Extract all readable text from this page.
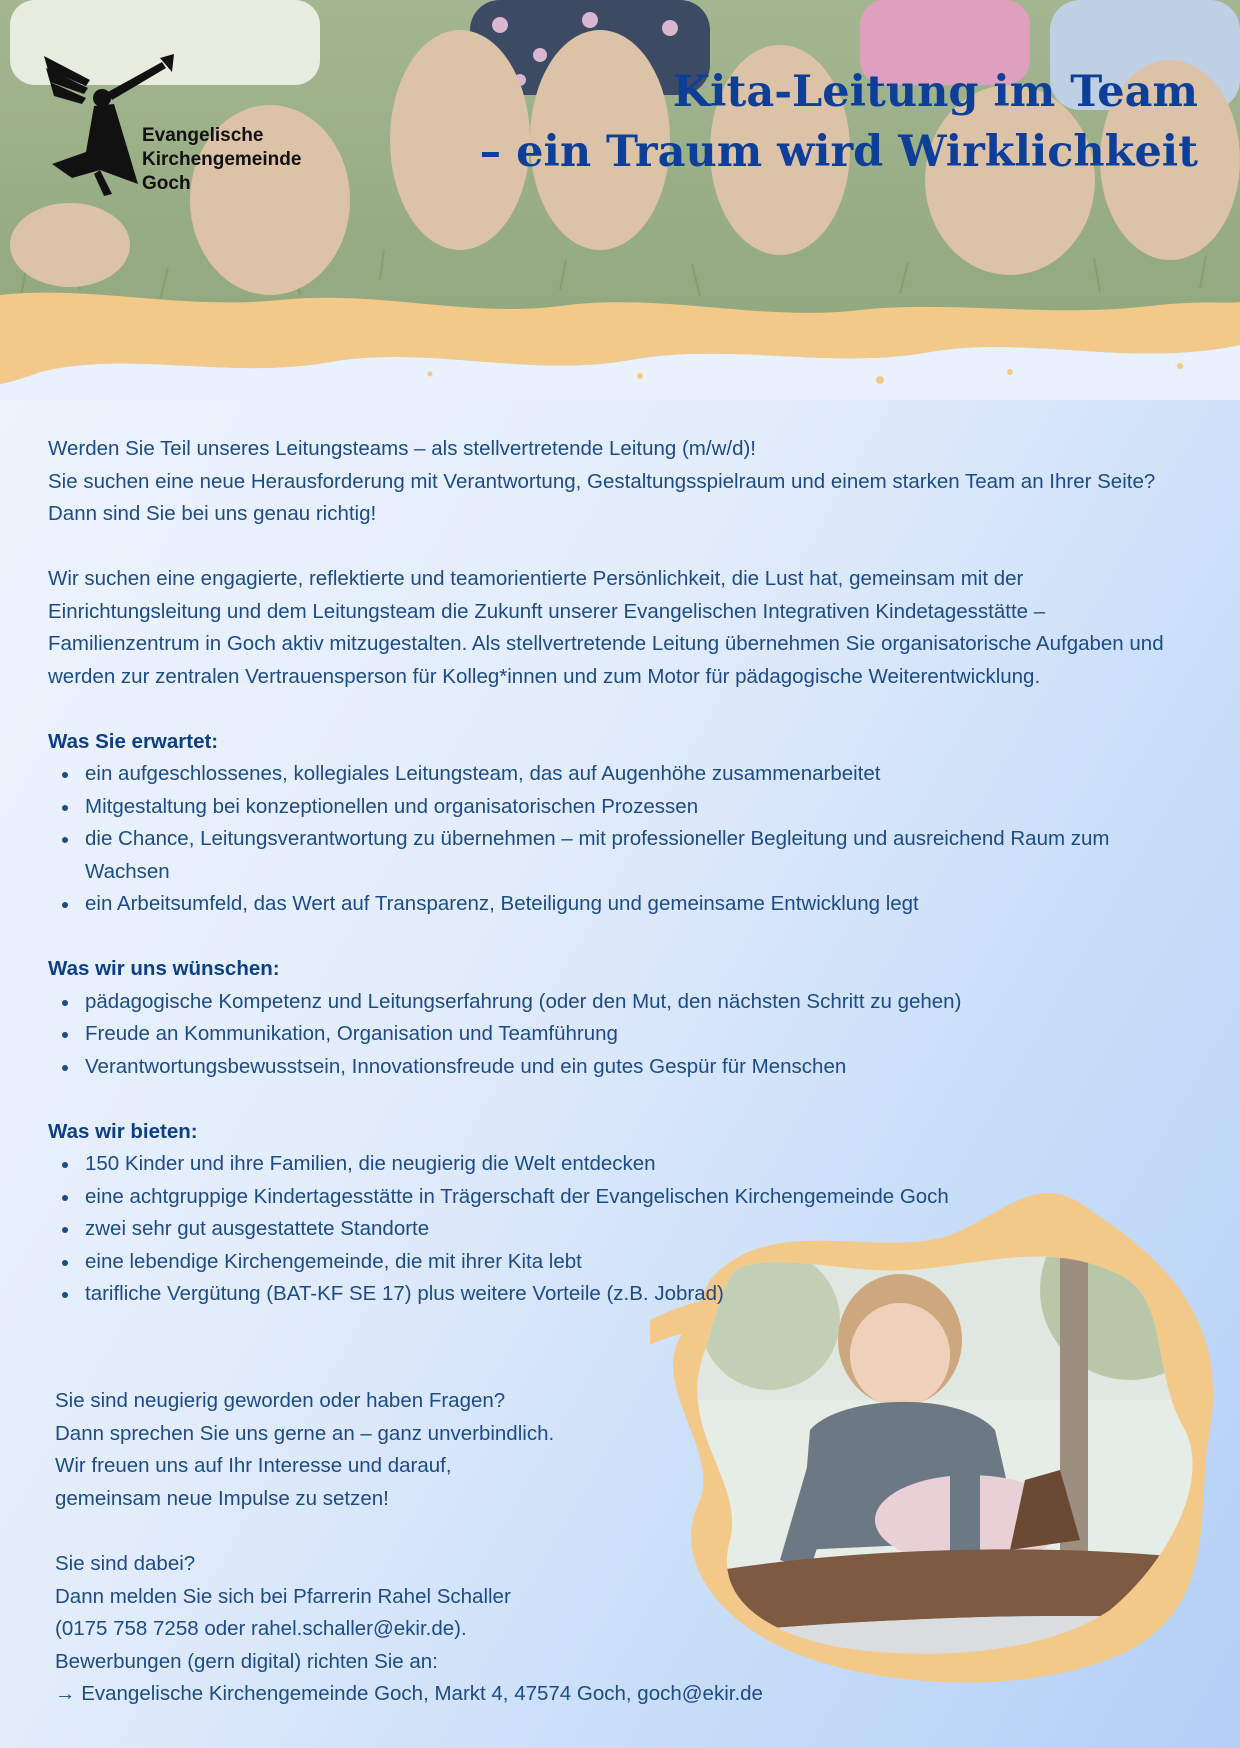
Evangelische
Kirchengemeinde
Goch
Kita-Leitung im Team
– ein Traum wird Wirklichkeit

Werden Sie Teil unseres Leitungsteams – als stellvertretende Leitung (m/w/d)!

Sie suchen eine neue Herausforderung mit Verantwortung, Gestaltungsspielraum und einem starken Team an Ihrer Seite? Dann sind Sie bei uns genau richtig!

Wir suchen eine engagierte, reflektierte und teamorientierte Persönlichkeit, die Lust hat, gemeinsam mit der Einrichtungsleitung und dem Leitungsteam die Zukunft unserer Evangelischen Integrativen Kindetagesstätte – Familienzentrum in Goch aktiv mitzugestalten. Als stellvertretende Leitung übernehmen Sie organisatorische Aufgaben und werden zur zentralen Vertrauensperson für Kolleg*innen und zum Motor für pädagogische Weiterentwicklung.

Was Sie erwartet:
ein aufgeschlossenes, kollegiales Leitungsteam, das auf Augenhöhe zusammenarbeitet
Mitgestaltung bei konzeptionellen und organisatorischen Prozessen
die Chance, Leitungsverantwortung zu übernehmen – mit professioneller Begleitung und ausreichend Raum zum Wachsen
ein Arbeitsumfeld, das Wert auf Transparenz, Beteiligung und gemeinsame Entwicklung legt
Was wir uns wünschen:
pädagogische Kompetenz und Leitungserfahrung (oder den Mut, den nächsten Schritt zu gehen)
Freude an Kommunikation, Organisation und Teamführung
Verantwortungsbewusstsein, Innovationsfreude und ein gutes Gespür für Menschen
Was wir bieten:
150 Kinder und ihre Familien, die neugierig die Welt entdecken
eine achtgruppige Kindertagesstätte in Trägerschaft der Evangelischen Kirchengemeinde Goch
zwei sehr gut ausgestattete Standorte
eine lebendige Kirchengemeinde, die mit ihrer Kita lebt
tarifliche Vergütung (BAT-KF SE 17) plus weitere Vorteile (z.B. Jobrad)
Sie sind neugierig geworden oder haben Fragen?
Dann sprechen Sie uns gerne an – ganz unverbindlich.
Wir freuen uns auf Ihr Interesse und darauf,
gemeinsam neue Impulse zu setzen!
Sie sind dabei?
Dann melden Sie sich bei Pfarrerin Rahel Schaller
(0175 758 7258 oder rahel.schaller@ekir.de).
Bewerbungen (gern digital) richten Sie an:
→ Evangelische Kirchengemeinde Goch, Markt 4, 47574 Goch, goch@ekir.de
